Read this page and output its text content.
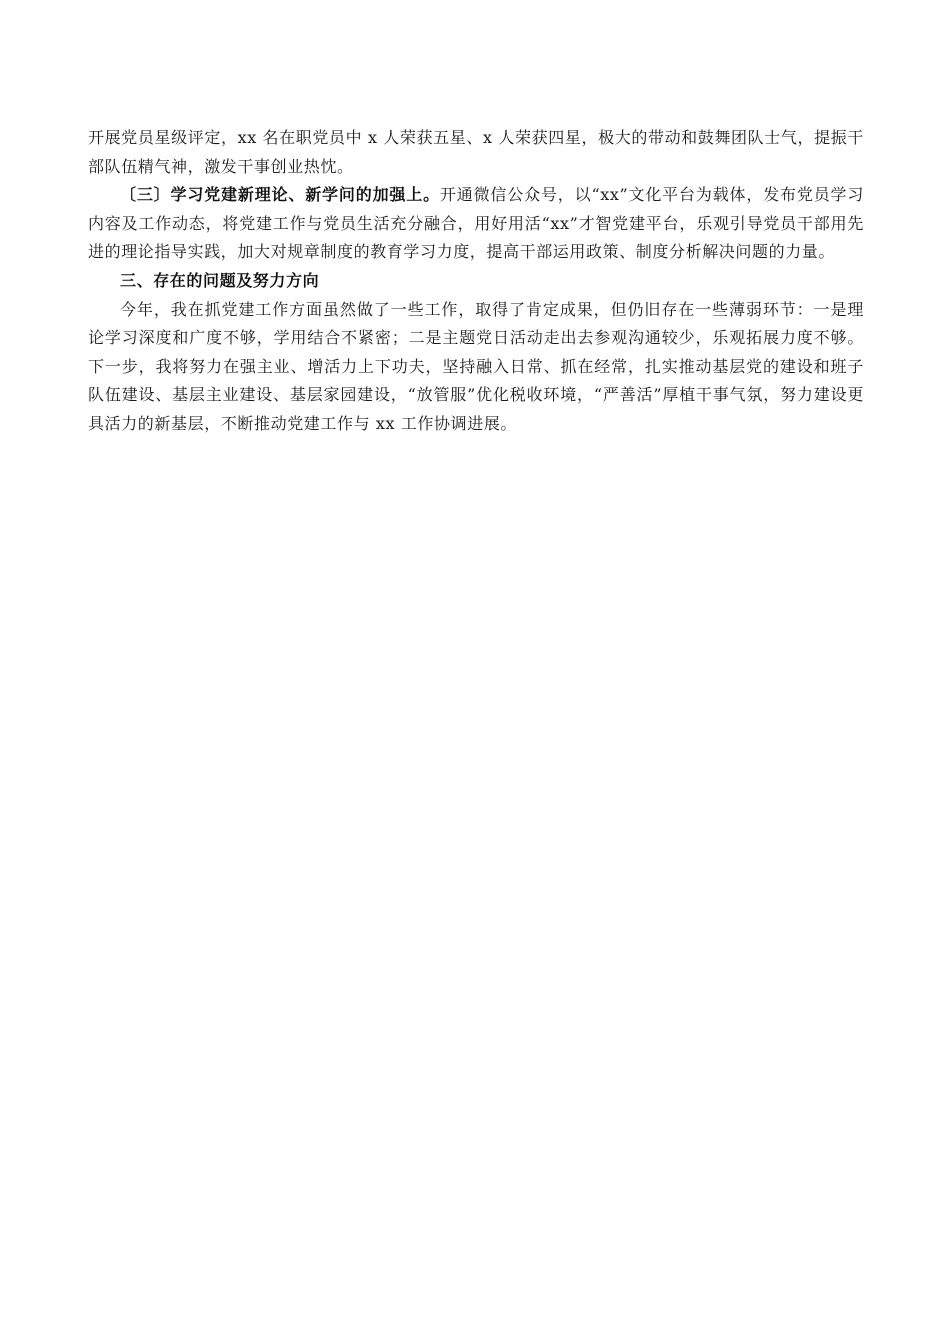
开展党员星级评定，xx 名在职党员中 x 人荣获五星、x 人荣获四星，极大的带动和鼓舞团队士气，提振干部队伍精气神，激发干事创业热忱。

〔三〕学习党建新理论、新学问的加强上。开通微信公众号，以“xx”文化平台为载体，发布党员学习内容及工作动态，将党建工作与党员生活充分融合，用好用活“xx”才智党建平台，乐观引导党员干部用先进的理论指导实践，加大对规章制度的教育学习力度，提高干部运用政策、制度分析解决问题的力量。

三、存在的问题及努力方向

今年，我在抓党建工作方面虽然做了一些工作，取得了肯定成果，但仍旧存在一些薄弱环节：一是理论学习深度和广度不够，学用结合不紧密；二是主题党日活动走出去参观沟通较少，乐观拓展力度不够。下一步，我将努力在强主业、增活力上下功夫，坚持融入日常、抓在经常，扎实推动基层党的建设和班子队伍建设、基层主业建设、基层家园建设，“放管服”优化税收环境，“严善活”厚植干事气氛，努力建设更具活力的新基层，不断推动党建工作与 xx 工作协调进展。
